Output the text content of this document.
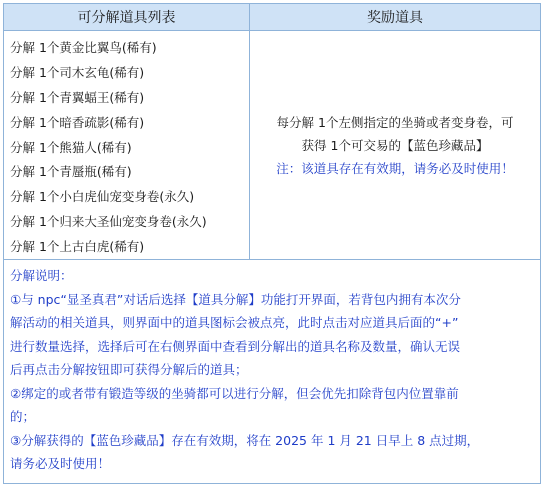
可分解道具列表	奖励道具
分解 1个黄金比翼鸟(稀有)
分解 1个司木玄龟(稀有)
分解 1个青翼蝠王(稀有)
分解 1个暗香疏影(稀有)
分解 1个熊猫人(稀有)
分解 1个青蜃瓶(稀有)
分解 1个小白虎仙宠变身卷(永久)
分解 1个归来大圣仙宠变身卷(永久)
分解 1个上古白虎(稀有)
每分解 1个左侧指定的坐骑或者变身卷，可
获得 1个可交易的【蓝色珍藏品】
注：该道具存在有效期，请务必及时使用！

分解说明：

①与 npc“显圣真君”对话后选择【道具分解】功能打开界面，若背包内拥有本次分

解活动的相关道具，则界面中的道具图标会被点亮，此时点击对应道具后面的“+”

进行数量选择，选择后可在右侧界面中查看到分解出的道具名称及数量，确认无误

后再点击分解按钮即可获得分解后的道具；

②绑定的或者带有锻造等级的坐骑都可以进行分解，但会优先扣除背包内位置靠前

的；

③分解获得的【蓝色珍藏品】存在有效期，将在 2025 年 1 月 21 日早上 8 点过期，

请务必及时使用！
